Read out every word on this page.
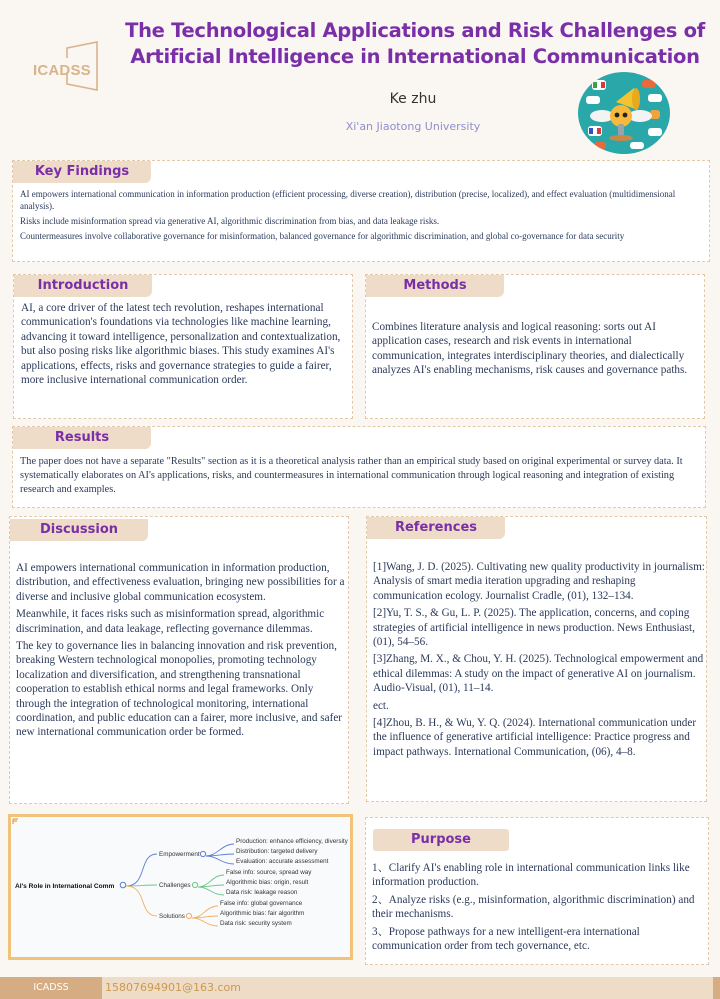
ICADSS
The Technological Applications and Risk Challenges of
Artificial Intelligence in International Communication
Ke zhu
Xi'an Jiaotong University
Key Findings

AI empowers international communication in information production (efficient processing, diverse creation), distribution (precise, localized), and effect evaluation (multidimensional analysis).

Risks include misinformation spread via generative AI, algorithmic discrimination from bias, and data leakage risks.

Countermeasures involve collaborative governance for misinformation, balanced governance for algorithmic discrimination, and global co-governance for data security

Introduction
AI, a core driver of the latest tech revolution, reshapes international communication's foundations via technologies like machine learning, advancing it toward intelligence, personalization and contextualization, but also posing risks like algorithmic biases. This study examines AI's applications, effects, risks and governance strategies to guide a fairer, more inclusive international communication order.
Methods
Combines literature analysis and logical reasoning: sorts out AI application cases, research and risk events in international communication, integrates interdisciplinary theories, and dialectically analyzes AI's enabling mechanisms, risk causes and governance paths.
Results
The paper does not have a separate "Results" section as it is a theoretical analysis rather than an empirical study based on original experimental or survey data. It systematically elaborates on AI's applications, risks, and countermeasures in international communication through logical reasoning and integration of existing research and examples.
Discussion

AI empowers international communication in information production, distribution, and effectiveness evaluation, bringing new possibilities for a diverse and inclusive global communication ecosystem.

Meanwhile, it faces risks such as misinformation spread, algorithmic discrimination, and data leakage, reflecting governance dilemmas.

The key to governance lies in balancing innovation and risk prevention, breaking Western technological monopolies, promoting technology localization and diversification, and strengthening transnational cooperation to establish ethical norms and legal frameworks. Only through the integration of technological monitoring, international coordination, and public education can a fairer, more inclusive, and safer new international communication order be formed.

References

[1]Wang, J. D. (2025). Cultivating new quality productivity in journalism: Analysis of smart media iteration upgrading and reshaping communication ecology. Journalist Cradle, (01), 132–134.

[2]Yu, T. S., & Gu, L. P. (2025). The application, concerns, and coping strategies of artificial intelligence in news production. News Enthusiast, (01), 54–56.

[3]Zhang, M. X., & Chou, Y. H. (2025). Technological empowerment and ethical dilemmas: A study on the impact of generative AI on journalism. Audio-Visual, (01), 11–14.

ect.

[4]Zhou, B. H., & Wu, Y. Q. (2024). International communication under the influence of generative artificial intelligence: Practice progress and impact pathways. International Communication, (06), 4–8.

AI's Role in International Comm
Empowerment
Production: enhance efficiency, diversity
Distribution: targeted delivery
Evaluation: accurate assessment
Challenges
False info: source, spread way
Algorithmic bias: origin, result
Data risk: leakage reason
Solutions
False info: global governance
Algorithmic bias: fair algorithm
Data risk: security system
Purpose

1、Clarify AI's enabling role in international communication links like information production.

2、Analyze risks (e.g., misinformation, algorithmic discrimination) and their mechanisms.

3、Propose pathways for a new intelligent-era international communication order from tech governance, etc.

ICADSS	15807694901@163.com
